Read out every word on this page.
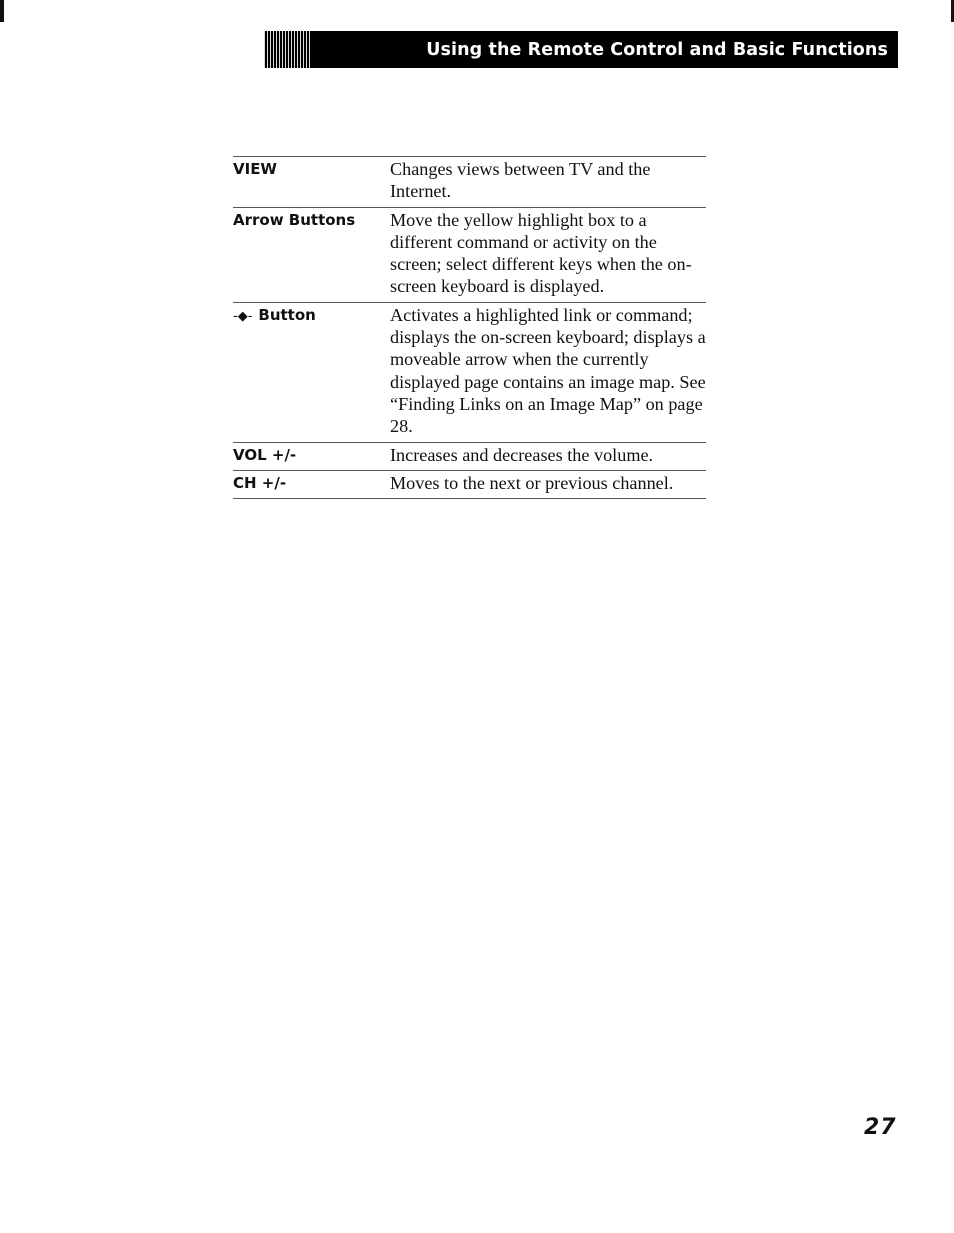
Using the Remote Control and Basic Functions
VIEW	Changes views between TV and the Internet.
Arrow Buttons	Move the yellow highlight box to a different command or activity on the screen; select different keys when the on-screen keyboard is displayed.
-◆- Button	Activates a highlighted link or command; displays the on-screen keyboard; displays a moveable arrow when the currently displayed page contains an image map. See “Finding Links on an Image Map” on page 28.
VOL +/-	Increases and decreases the volume.
CH +/-	Moves to the next or previous channel.
27
